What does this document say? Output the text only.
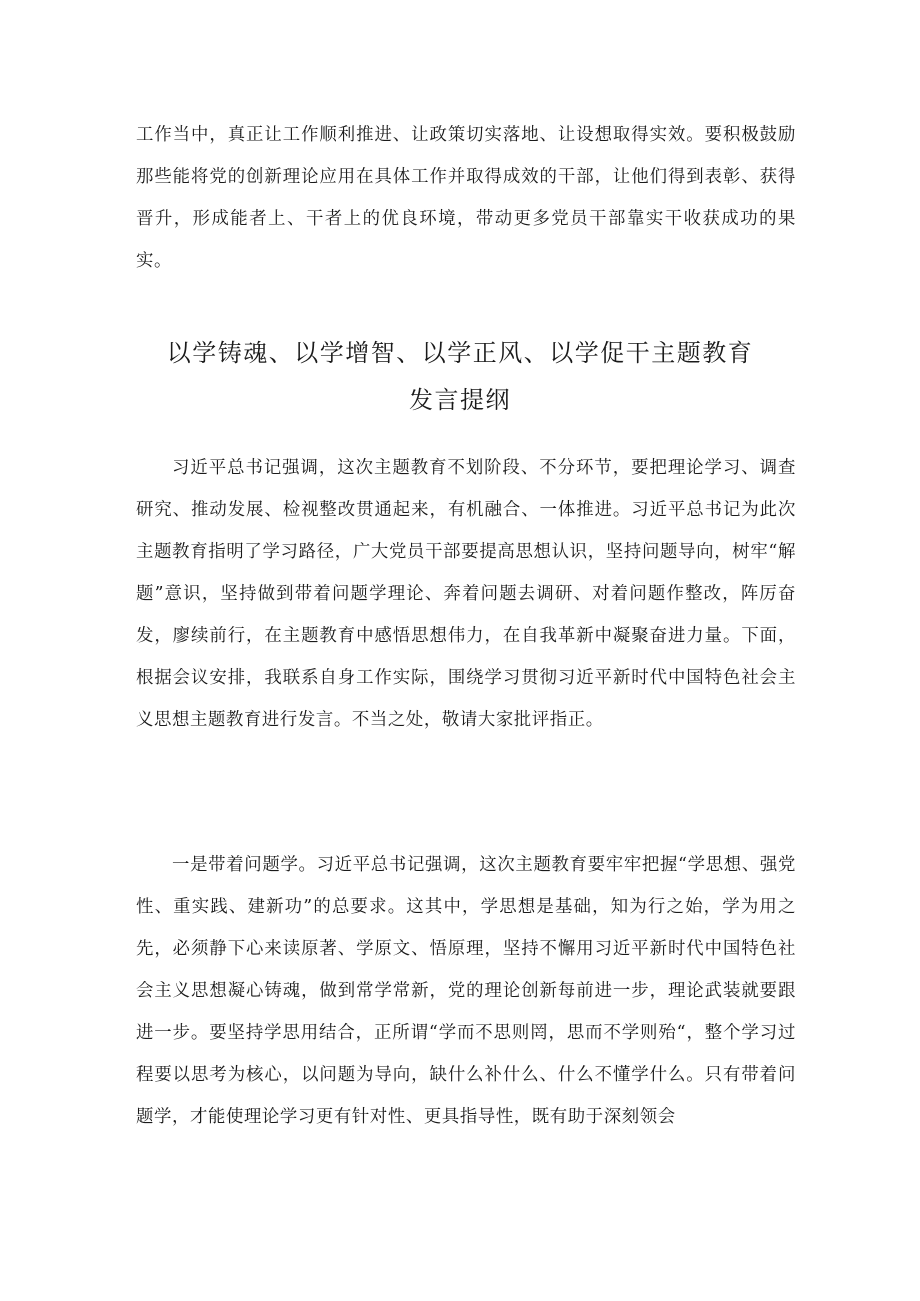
工作当中，真正让工作顺利推进、让政策切实落地、让设想取得实效。要积极鼓励那些能将党的创新理论应用在具体工作并取得成效的干部，让他们得到表彰、获得晋升，形成能者上、干者上的优良环境，带动更多党员干部靠实干收获成功的果实。

以学铸魂、以学增智、以学正风、以学促干主题教育
发言提纲

习近平总书记强调，这次主题教育不划阶段、不分环节，要把理论学习、调查研究、推动发展、检视整改贯通起来，有机融合、一体推进。习近平总书记为此次主题教育指明了学习路径，广大党员干部要提高思想认识，坚持问题导向，树牢“解题”意识，坚持做到带着问题学理论、奔着问题去调研、对着问题作整改，阵厉奋发，廖续前行，在主题教育中感悟思想伟力，在自我革新中凝聚奋进力量。下面，根据会议安排，我联系自身工作实际，围绕学习贯彻习近平新时代中国特色社会主义思想主题教育进行发言。不当之处，敬请大家批评指正。

一是带着问题学。习近平总书记强调，这次主题教育要牢牢把握“学思想、强党性、重实践、建新功”的总要求。这其中，学思想是基础，知为行之始，学为用之先，必须静下心来读原著、学原文、悟原理，坚持不懈用习近平新时代中国特色社会主义思想凝心铸魂，做到常学常新，党的理论创新每前进一步，理论武装就要跟进一步。要坚持学思用结合，正所谓“学而不思则罔，思而不学则殆“，整个学习过程要以思考为核心，以问题为导向，缺什么补什么、什么不懂学什么。只有带着问题学，才能使理论学习更有针对性、更具指导性，既有助于深刻领会
